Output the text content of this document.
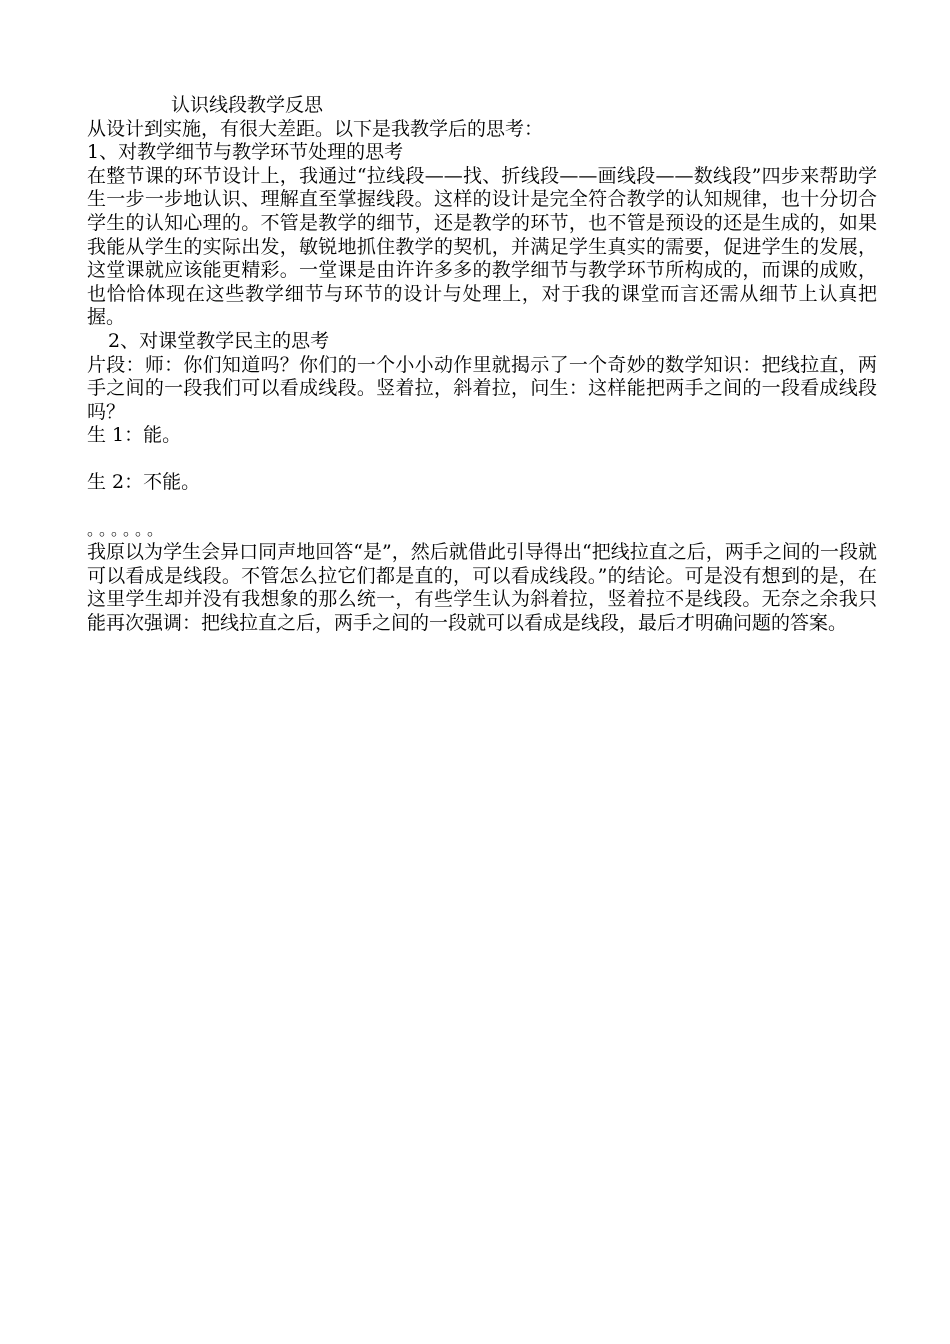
认识线段教学反思

从设计到实施，有很大差距。以下是我教学后的思考：

1、对教学细节与教学环节处理的思考

在整节课的环节设计上，我通过“拉线段——找、折线段——画线段——数线段”四步来帮助学生一步一步地认识、理解直至掌握线段。这样的设计是完全符合教学的认知规律，也十分切合学生的认知心理的。不管是教学的细节，还是教学的环节，也不管是预设的还是生成的，如果我能从学生的实际出发，敏锐地抓住教学的契机，并满足学生真实的需要，促进学生的发展，这堂课就应该能更精彩。一堂课是由许许多多的教学细节与教学环节所构成的，而课的成败，也恰恰体现在这些教学细节与环节的设计与处理上，对于我的课堂而言还需从细节上认真把握。

2、对课堂教学民主的思考

片段：师：你们知道吗？你们的一个小小动作里就揭示了一个奇妙的数学知识：把线拉直，两手之间的一段我们可以看成线段。竖着拉，斜着拉，问生：这样能把两手之间的一段看成线段吗？

生 1：能。

生 2：不能。

。。。。。。

我原以为学生会异口同声地回答“是”，然后就借此引导得出“把线拉直之后，两手之间的一段就可以看成是线段。不管怎么拉它们都是直的，可以看成线段。”的结论。可是没有想到的是，在这里学生却并没有我想象的那么统一，有些学生认为斜着拉，竖着拉不是线段。无奈之余我只能再次强调：把线拉直之后，两手之间的一段就可以看成是线段，最后才明确问题的答案。
